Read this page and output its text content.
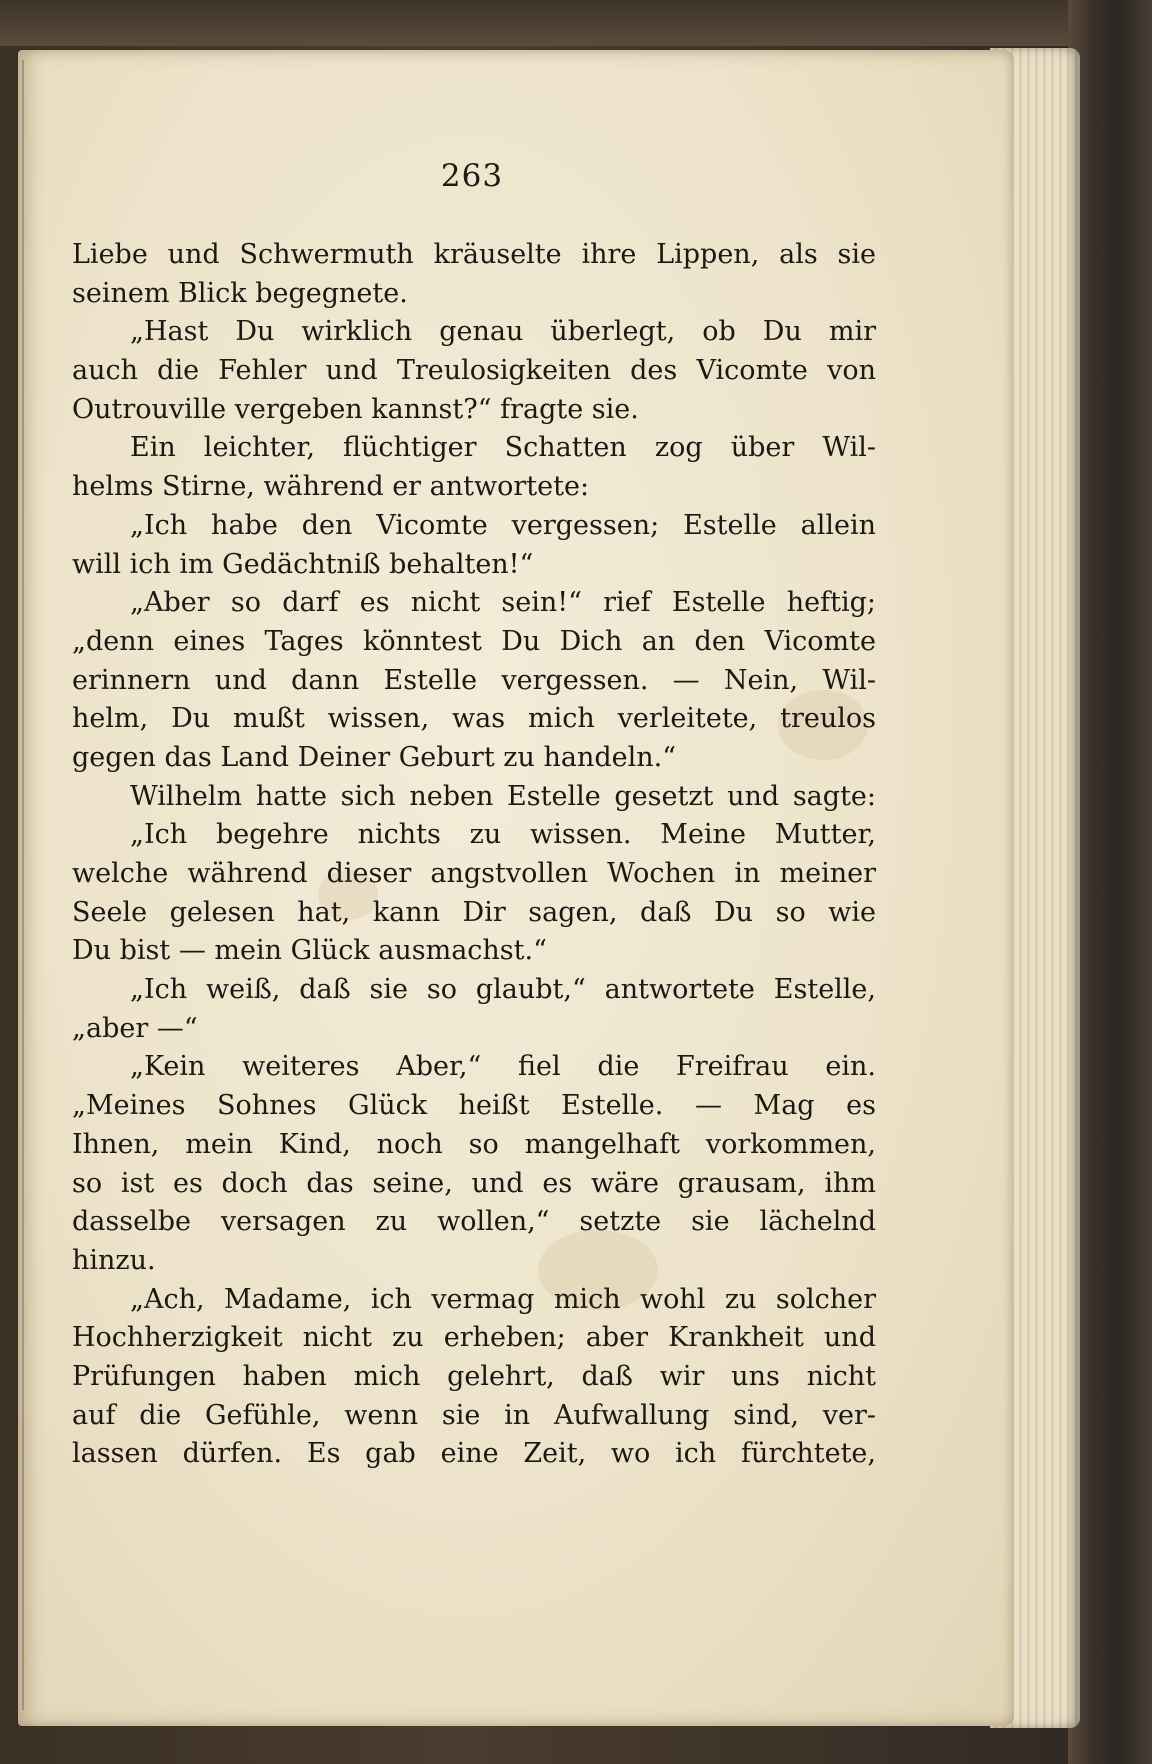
263
Liebe und Schwermuth kräuselte ihre Lippen, als sie
seinem Blick begegnete.
„Hast Du wirklich genau überlegt, ob Du mir
auch die Fehler und Treulosigkeiten des Vicomte von
Outrouville vergeben kannst?“ fragte sie.
Ein leichter, flüchtiger Schatten zog über Wil-
helms Stirne, während er antwortete:
„Ich habe den Vicomte vergessen; Estelle allein
will ich im Gedächtniß behalten!“
„Aber so darf es nicht sein!“ rief Estelle heftig;
„denn eines Tages könntest Du Dich an den Vicomte
erinnern und dann Estelle vergessen. — Nein, Wil-
helm, Du mußt wissen, was mich verleitete, treulos
gegen das Land Deiner Geburt zu handeln.“
Wilhelm hatte sich neben Estelle gesetzt und sagte:
„Ich begehre nichts zu wissen. Meine Mutter,
welche während dieser angstvollen Wochen in meiner
Seele gelesen hat, kann Dir sagen, daß Du so wie
Du bist — mein Glück ausmachst.“
„Ich weiß, daß sie so glaubt,“ antwortete Estelle,
„aber —“
„Kein weiteres Aber,“ fiel die Freifrau ein.
„Meines Sohnes Glück heißt Estelle. — Mag es
Ihnen, mein Kind, noch so mangelhaft vorkommen,
so ist es doch das seine, und es wäre grausam, ihm
dasselbe versagen zu wollen,“ setzte sie lächelnd
hinzu.
„Ach, Madame, ich vermag mich wohl zu solcher
Hochherzigkeit nicht zu erheben; aber Krankheit und
Prüfungen haben mich gelehrt, daß wir uns nicht
auf die Gefühle, wenn sie in Aufwallung sind, ver-
lassen dürfen. Es gab eine Zeit, wo ich fürchtete,
